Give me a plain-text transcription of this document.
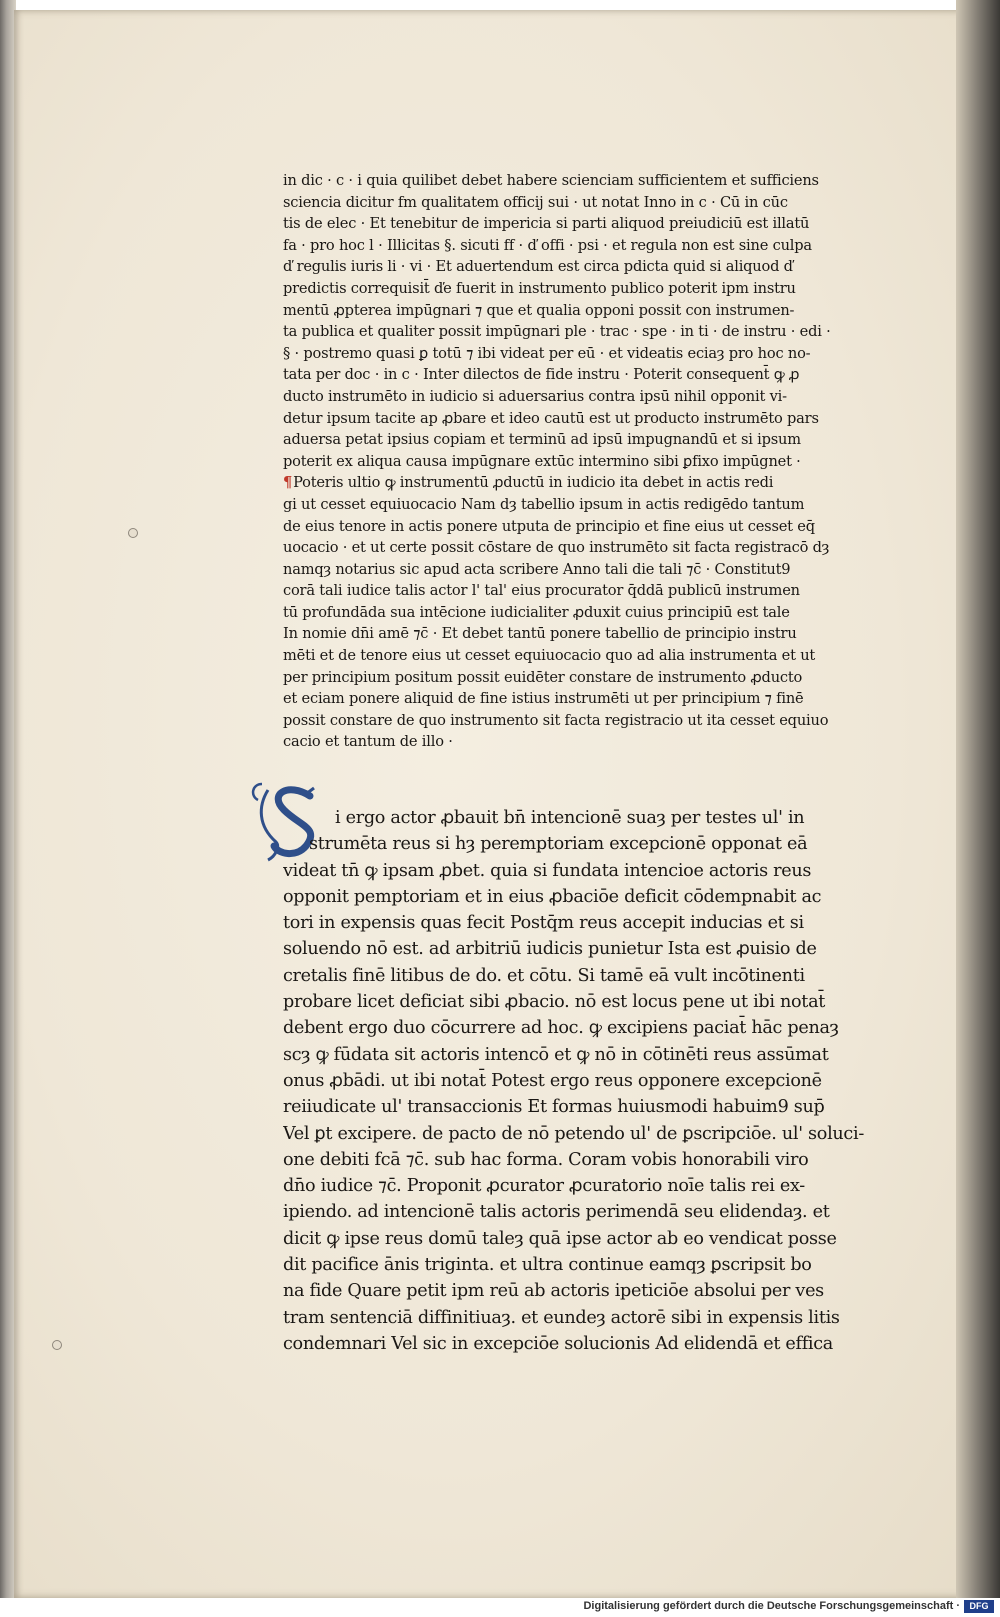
in dic · c · i quia quilibet debet habere scienciam sufficientem et sufficiens
sciencia dicitur fm qualitatem officij sui · ut notat Inno in c · Cū in cūc
tis de elec · Et tenebitur de impericia si parti aliquod preiudiciū est illatū
fa · pro hoc l · Illicitas §. sicuti ff · ď offi · psi · et regula non est sine culpa
ď regulis iuris li · vi · Et aduertendum est circa pdicta quid si aliquod ď
predictis correquisit̄ ďe fuerit in instrumento publico poterit ipm instru
mentū ꝓpterea impūgnari ⁊ que et qualia opponi possit con instrumen-
ta publica et qualiter possit impūgnari ple · trac · spe · in ti · de instru · edi ·
§ · postremo quasi ꝑ totū ⁊ ibi videat per eū · et videatis eciaȝ pro hoc no-
tata per doc · in c · Inter dilectos de fide instru · Poterit consequent̄ ꝙ ꝓ
ducto instrumēto in iudicio si aduersarius contra ipsū nihil opponit vi-
detur ipsum tacite ap ꝓbare et ideo cautū est ut producto instrumēto pars
aduersa petat ipsius copiam et terminū ad ipsū impugnandū et si ipsum
poterit ex aliqua causa impūgnare extūc intermino sibi ꝑfixo impūgnet ·
¶Poteris ultio ꝙ instrumentū ꝓductū in iudicio ita debet in actis redi
gi ut cesset equiuocacio Nam dȝ tabellio ipsum in actis redigēdo tantum
de eius tenore in actis ponere utputa de principio et fine eius ut cesset eq̄
uocacio · et ut certe possit cōstare de quo instrumēto sit facta registracō dȝ
namqȝ notarius sic apud acta scribere Anno tali die tali ⁊c̄ · Constitut9
corā tali iudice talis actor l' tal' eius procurator q̄ddā publicū instrumen
tū profundāda sua intēcione iudicialiter ꝓduxit cuius principiū est tale
In nomie dn̄i amē ⁊c̄ · Et debet tantū ponere tabellio de principio instru
mēti et de tenore eius ut cesset equiuocacio quo ad alia instrumenta et ut
per principium positum possit euidēter constare de instrumento ꝓducto
et eciam ponere aliquid de fine istius instrumēti ut per principium ⁊ finē
possit constare de quo instrumento sit facta registracio ut ita cesset equiuo
cacio et tantum de illo ·
i ergo actor ꝓbauit bn̄ intencionē suaȝ per testes ul' in
strumēta reus si hȝ peremptoriam excepcionē opponat eā
videat tn̄ ꝙ ipsam ꝓbet. quia si fundata intencioe actoris reus
opponit pemptoriam et in eius ꝓbaciōe deficit cōdempnabit ac
tori in expensis quas fecit Postq̄m reus accepit inducias et si
soluendo nō est. ad arbitriū iudicis punietur Ista est ꝓuisio de
cretalis finē litibus de do. et cōtu. Si tamē eā vult incōtinenti
probare licet deficiat sibi ꝓbacio. nō est locus pene ut ibi notat̄
debent ergo duo cōcurrere ad hoc. ꝙ excipiens paciat̄ hāc penaȝ
scȝ ꝙ fūdata sit actoris intencō et ꝙ nō in cōtinēti reus assūmat
onus ꝓbādi. ut ibi notat̄ Potest ergo reus opponere excepcionē
reiiudicate ul' transaccionis Et formas huiusmodi habuim9 sup̄
Vel ꝑt excipere. de pacto de nō petendo ul' de ꝑscripciōe. ul' soluci-
one debiti fcā ⁊c̄. sub hac forma. Coram vobis honorabili viro
dn̄o iudice ⁊c̄. Proponit ꝓcurator ꝓcuratorio noīe talis rei ex-
ipiendo. ad intencionē talis actoris perimendā seu elidendaȝ. et
dicit ꝙ ipse reus domū taleȝ quā ipse actor ab eo vendicat posse
dit pacifice ānis triginta. et ultra continue eamqȝ ꝑscripsit bo
na fide Quare petit ipm reū ab actoris ipeticiōe absolui per ves
tram sentenciā diffinitiuaȝ. et eundeȝ actorē sibi in expensis litis
condemnari Vel sic in excepciōe solucionis Ad elidendā et effica
Digitalisierung gefördert durch die Deutsche Forschungsgemeinschaft ·	DFG
